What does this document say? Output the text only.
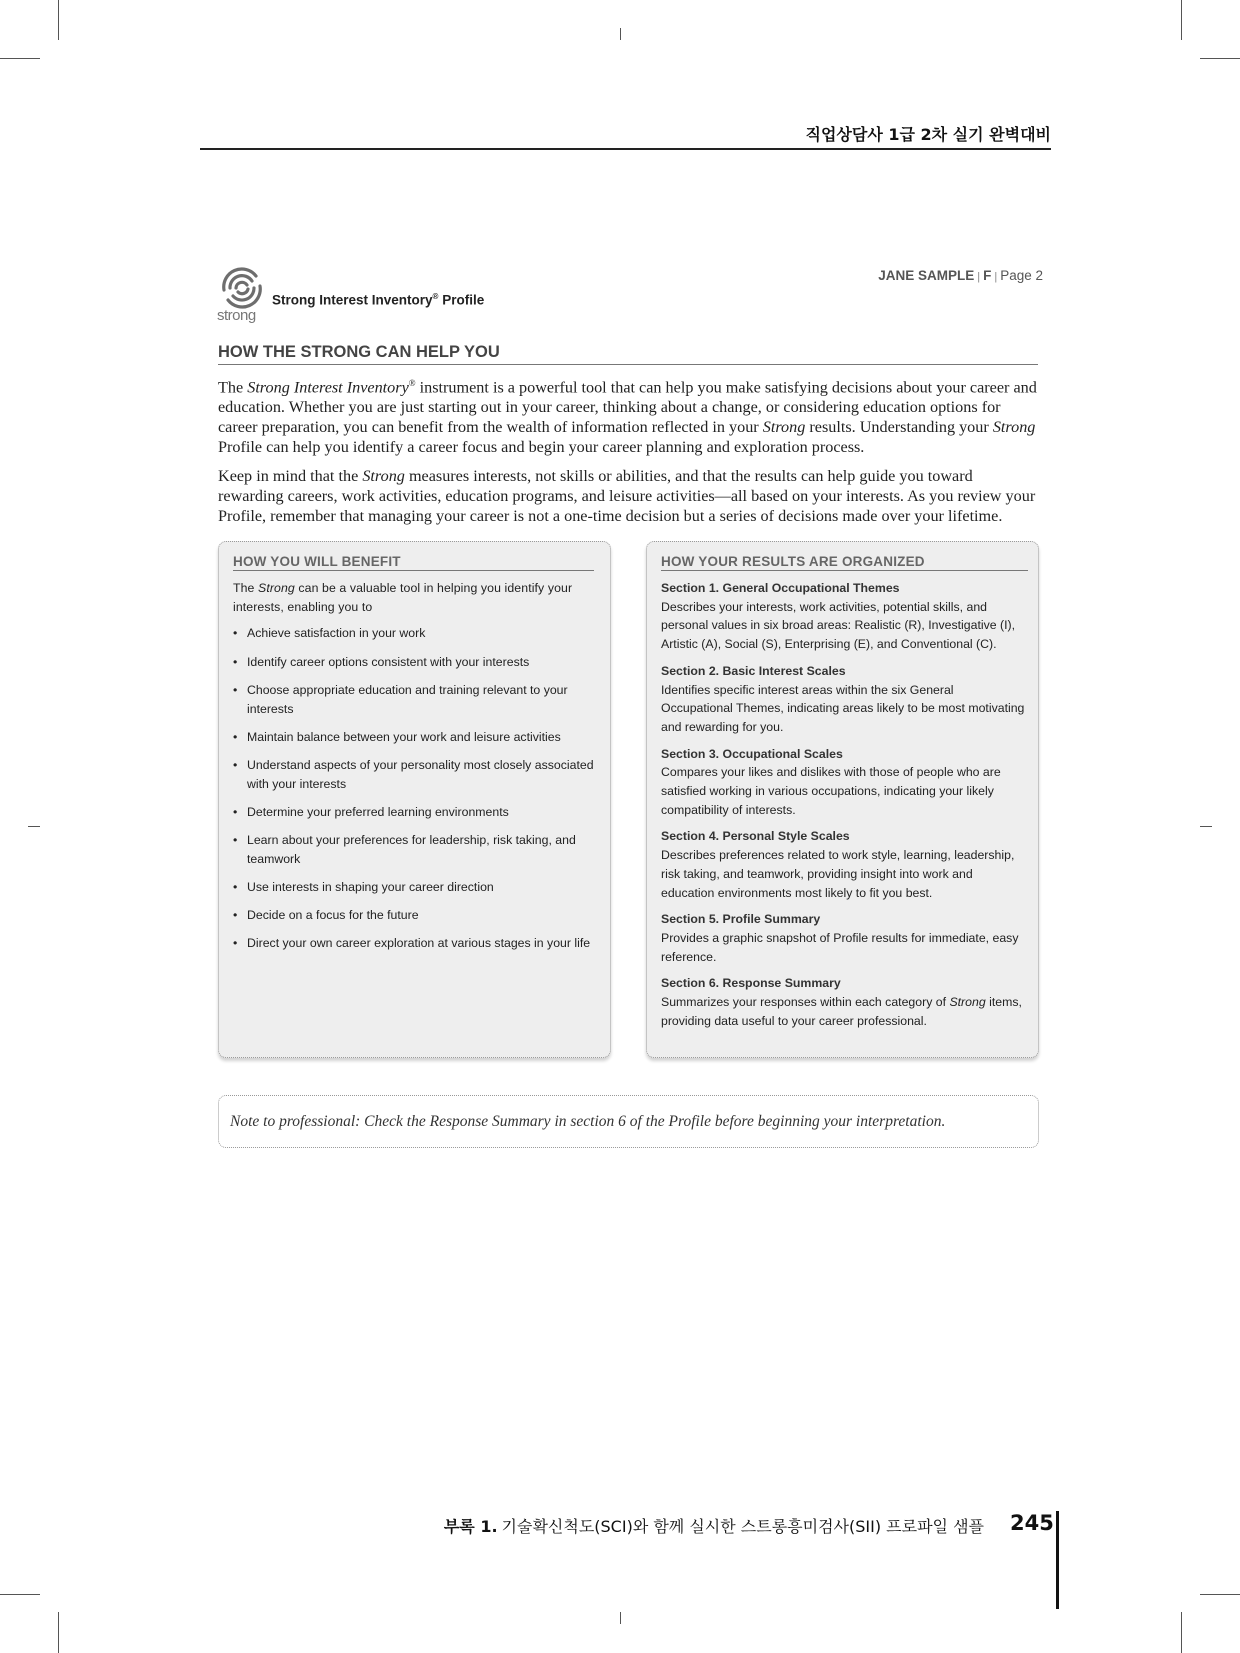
직업상담사 1급 2차 실기 완벽대비
strong
Strong Interest Inventory® Profile
JANE SAMPLE | F | Page 2
HOW THE STRONG CAN HELP YOU

The Strong Interest Inventory® instrument is a powerful tool that can help you make satisfying decisions about your career and education. Whether you are just starting out in your career, thinking about a change, or considering education options for career preparation, you can benefit from the wealth of information reflected in your Strong results. Understanding your Strong Profile can help you identify a career focus and begin your career planning and exploration process.

Keep in mind that the Strong measures interests, not skills or abilities, and that the results can help guide you toward rewarding careers, work activities, education programs, and leisure activities—all based on your interests. As you review your Profile, remember that managing your career is not a one-time decision but a series of decisions made over your lifetime.

HOW YOU WILL BENEFIT
The Strong can be a valuable tool in helping you identify your interests, enabling you to
• Achieve satisfaction in your work
• Identify career options consistent with your interests
• Choose appropriate education and training relevant to your interests
• Maintain balance between your work and leisure activities
• Understand aspects of your personality most closely associated with your interests
• Determine your preferred learning environments
• Learn about your preferences for leadership, risk taking, and teamwork
• Use interests in shaping your career direction
• Decide on a focus for the future
• Direct your own career exploration at various stages in your life
HOW YOUR RESULTS ARE ORGANIZED
Section 1. General Occupational Themes
Describes your interests, work activities, potential skills, and personal values in six broad areas: Realistic (R), Investigative (I), Artistic (A), Social (S), Enterprising (E), and Conventional (C).
Section 2. Basic Interest Scales
Identifies specific interest areas within the six General Occupational Themes, indicating areas likely to be most motivating and rewarding for you.
Section 3. Occupational Scales
Compares your likes and dislikes with those of people who are satisfied working in various occupations, indicating your likely compatibility of interests.
Section 4. Personal Style Scales
Describes preferences related to work style, learning, leadership, risk taking, and teamwork, providing insight into work and education environments most likely to fit you best.
Section 5. Profile Summary
Provides a graphic snapshot of Profile results for immediate, easy reference.
Section 6. Response Summary
Summarizes your responses within each category of Strong items, providing data useful to your career professional.
Note to professional: Check the Response Summary in section 6 of the Profile before beginning your interpretation.
부록 1. 기술확신척도(SCI)와 함께 실시한 스트롱흥미검사(SII) 프로파일 샘플 245
